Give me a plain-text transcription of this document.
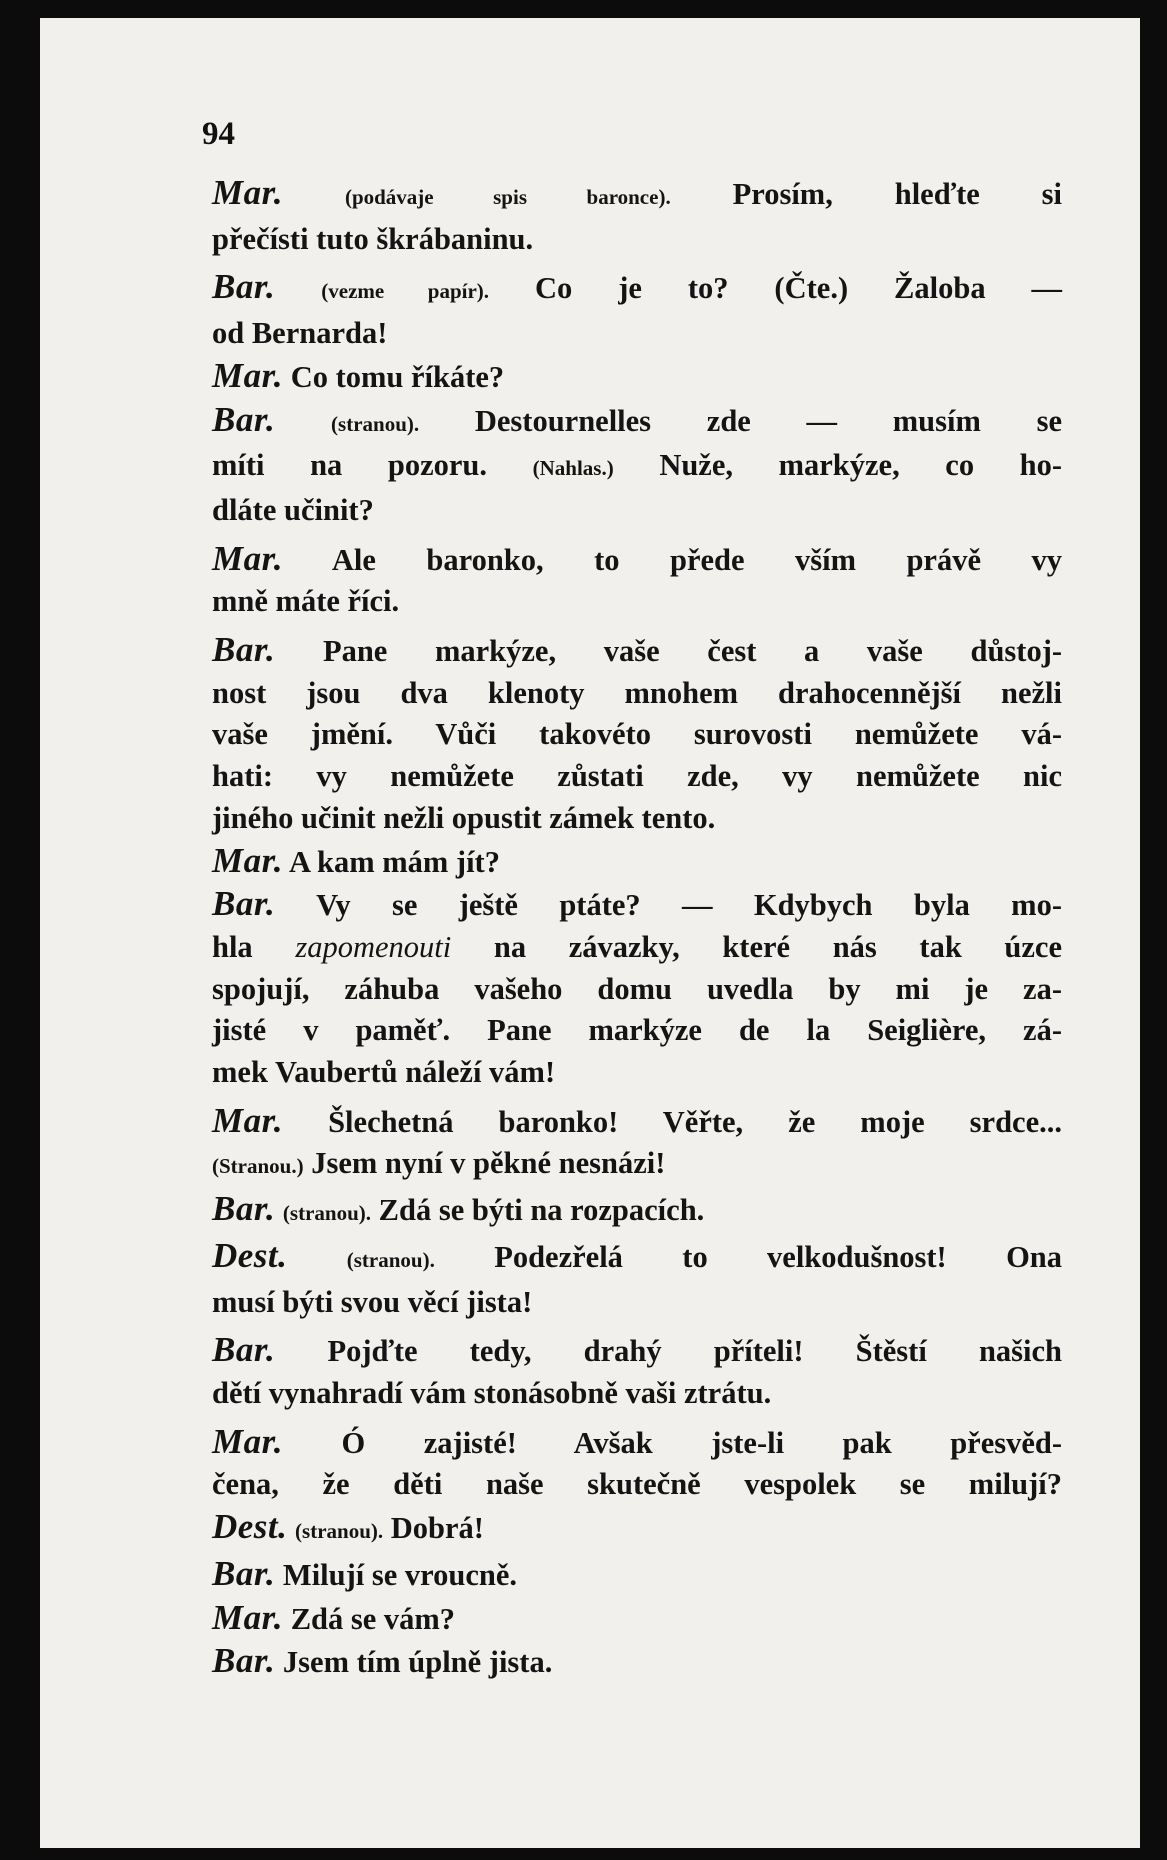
94
Mar.	(podávaje spis baronce). Prosím, hleďte si
přečísti tuto škrábaninu.
Bar. (vezme papír). Co je to? (Čte.) Žaloba —
od Bernarda!
Mar. Co tomu říkáte?
Bar.	(stranou). Destournelles zde — musím se
míti na pozoru. (Nahlas.) Nuže, markýze, co ho-
dláte učinit?
Mar. Ale baronko, to přede vším právě vy
mně máte říci.
Bar. Pane markýze, vaše čest a vaše důstoj-
nost jsou dva klenoty mnohem drahocennější nežli
vaše jmění. Vůči takovéto surovosti nemůžete vá-
hati: vy nemůžete zůstati zde, vy nemůžete nic
jiného učinit nežli opustit zámek tento.
Mar. A kam mám jít?
Bar. Vy se ještě ptáte? — Kdybych byla mo-
hla zapomenouti na závazky, které nás tak úzce
spojují, záhuba vašeho domu uvedla by mi je za-
jisté v paměť. Pane markýze de la Seiglière, zá-
mek Vaubertů náleží vám!
Mar. Šlechetná baronko! Věřte, že moje srdce...
(Stranou.) Jsem nyní v pěkné nesnázi!
Bar. (stranou). Zdá se býti na rozpacích.
Dest.	(stranou). Podezřelá to velkodušnost! Ona
musí býti svou věcí jista!
Bar. Pojďte tedy, drahý příteli! Štěstí našich
dětí vynahradí vám stonásobně vaši ztrátu.
Mar. Ó zajisté! Avšak jste-li pak přesvěd-
čena, že děti naše skutečně vespolek se milují?
Dest. (stranou). Dobrá!
Bar. Milují se vroucně.
Mar. Zdá se vám?
Bar. Jsem tím úplně jista.
